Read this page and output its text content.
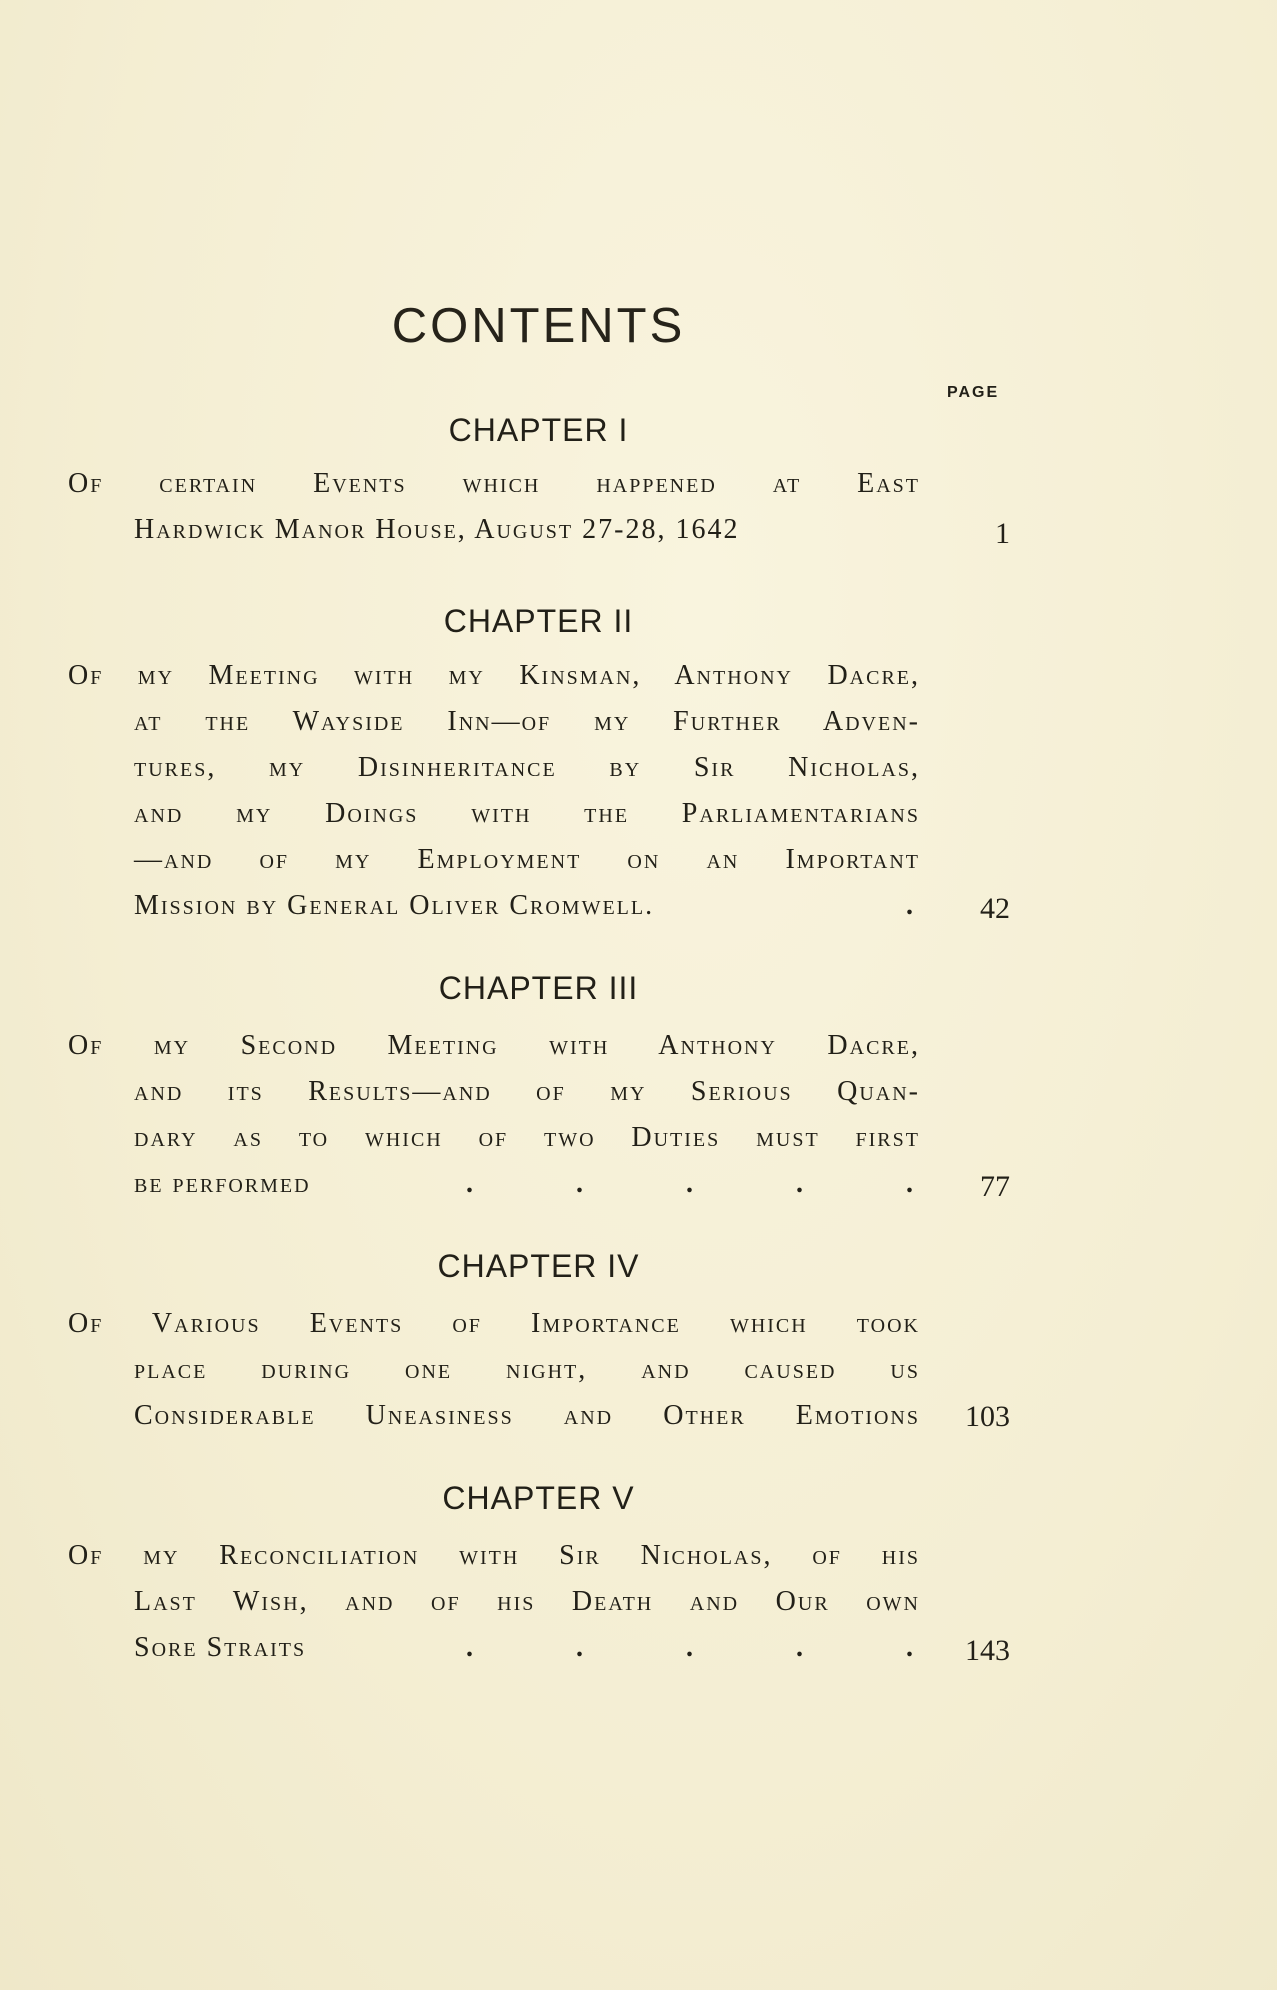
CONTENTS
PAGE
CHAPTER I
Of certain Events which happened at East
Hardwick Manor House, August 27-28, 1642	1
CHAPTER II
Of my Meeting with my Kinsman, Anthony Dacre,
at the Wayside Inn—of my Further Adven-
tures, my Disinheritance by Sir Nicholas,
and my Doings with the Parliamentarians
—and of my Employment on an Important
Mission by General Oliver Cromwell.	.	42
CHAPTER III
Of my Second Meeting with Anthony Dacre,
and its Results—and of my Serious Quan-
dary as to which of two Duties must first
be performed	.	.	.	.	.	77
CHAPTER IV
Of Various Events of Importance which took
place during one night, and caused us
Considerable Uneasiness and Other Emotions	103
CHAPTER V
Of my Reconciliation with Sir Nicholas, of his
Last Wish, and of his Death and Our own
Sore Straits	.	.	.	.	.	143
